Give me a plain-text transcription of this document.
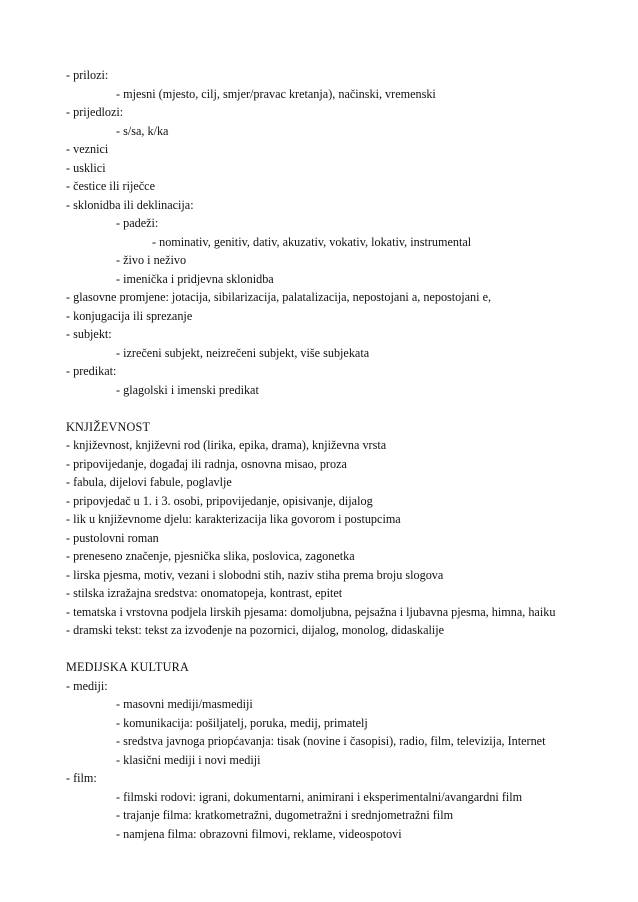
- prilozi:
- mjesni (mjesto, cilj, smjer/pravac kretanja), načinski, vremenski
- prijedlozi:
- s/sa, k/ka
- veznici
- usklici
- čestice ili riječce
- sklonidba ili deklinacija:
- padeži:
- nominativ, genitiv, dativ, akuzativ, vokativ, lokativ, instrumental
- živo i neživo
- imenička i pridjevna sklonidba
- glasovne promjene: jotacija, sibilarizacija, palatalizacija, nepostojani a, nepostojani e,
- konjugacija ili sprezanje
- subjekt:
- izrečeni subjekt, neizrečeni subjekt, više subjekata
- predikat:
- glagolski i imenski predikat
KNJIŽEVNOST
- književnost, književni rod (lirika, epika, drama), književna vrsta
- pripovijedanje, događaj ili radnja, osnovna misao, proza
- fabula, dijelovi fabule, poglavlje
- pripovjedač u 1. i 3. osobi, pripovijedanje, opisivanje, dijalog
- lik u književnome djelu: karakterizacija lika govorom i postupcima
- pustolovni roman
- preneseno značenje, pjesnička slika, poslovica, zagonetka
- lirska pjesma, motiv, vezani i slobodni stih, naziv stiha prema broju slogova
- stilska izražajna sredstva: onomatopeja, kontrast, epitet
- tematska i vrstovna podjela lirskih pjesama: domoljubna, pejsažna i ljubavna pjesma, himna, haiku
- dramski tekst: tekst za izvođenje na pozornici, dijalog, monolog, didaskalije
MEDIJSKA KULTURA
- mediji:
- masovni mediji/masmediji
- komunikacija: pošiljatelj, poruka, medij, primatelj
- sredstva javnoga priopćavanja: tisak (novine i časopisi), radio, film, televizija, Internet
- klasični mediji i novi mediji
- film:
- filmski rodovi: igrani, dokumentarni, animirani i eksperimentalni/avangardni film
- trajanje filma: kratkometražni, dugometražni i srednjometražni film
- namjena filma: obrazovni filmovi, reklame, videospotovi
